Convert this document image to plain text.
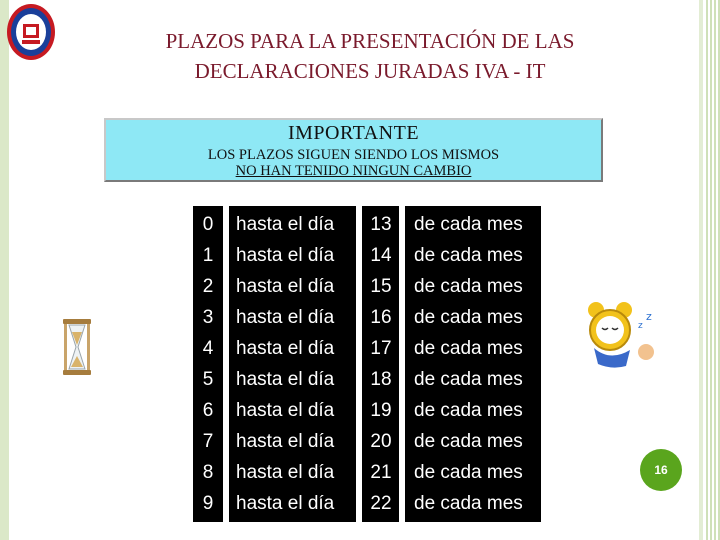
PLAZOS PARA LA PRESENTACIÓN DE LAS
DECLARACIONES JURADAS IVA - IT
IMPORTANTE
LOS PLAZOS SIGUEN SIENDO LOS MISMOS
NO HAN TENIDO NINGUN CAMBIO
0	hasta el día 13 de cada mes
1	hasta el día 14 de cada mes
2	hasta el día 15 de cada mes
3	hasta el día 16 de cada mes
4	hasta el día 17 de cada mes
5	hasta el día 18 de cada mes
6	hasta el día 19 de cada mes
7	hasta el día 20 de cada mes
8	hasta el día 21 de cada mes
9	hasta el día 22 de cada mes
z
z
16
